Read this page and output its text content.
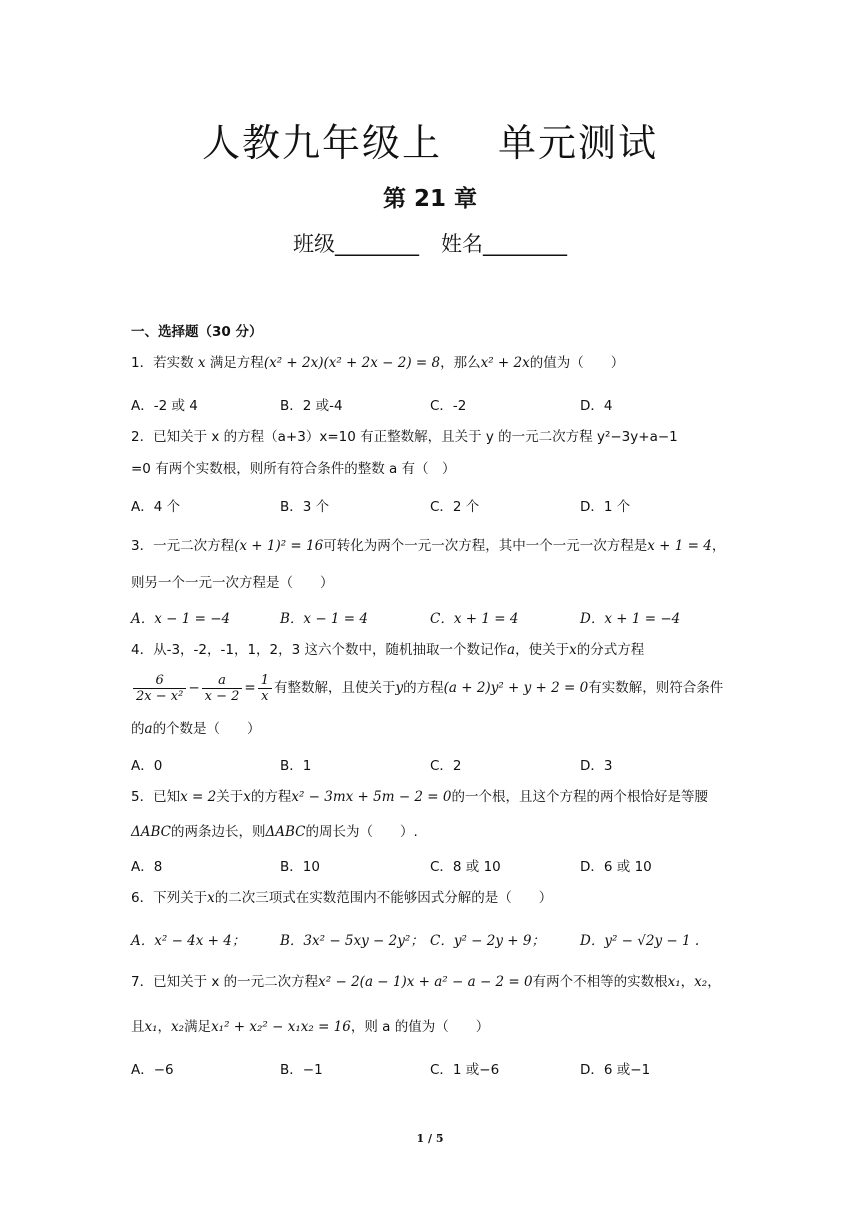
人教九年级上 单元测试
第 21 章
班级________ 姓名________
一、选择题（30 分）
1．若实数 x 满足方程(x² + 2x)(x² + 2x − 2) = 8，那么x² + 2x的值为（　　）
A．-2 或 4	B．2 或-4	C．-2	D．4
2．已知关于 x 的方程（a+3）x=10 有正整数解，且关于 y 的一元二次方程 y²−3y+a−1
=0 有两个实数根，则所有符合条件的整数 a 有（　）
A．4 个	B．3 个	C．2 个	D．1 个
3．一元二次方程(x + 1)² = 16可转化为两个一元一次方程，其中一个一元一次方程是x + 1 = 4，
则另一个一元一次方程是（　　）
A．x − 1 = −4	B．x − 1 = 4	C．x + 1 = 4	D．x + 1 = −4
4．从-3，-2，-1，1，2，3 这六个数中，随机抽取一个数记作a，使关于x的分式方程
$\frac{6}{\text{2x − x²}} - \frac{a}{x - 2} = \frac{1}{x}$ 有整数解，且使关于y的方程(a + 2)y² + y + 2 = 0有实数解，则符合条件
的a的个数是（　　）
A．0	B．1	C．2	D．3
5．已知x = 2关于x的方程x² − 3mx + 5m − 2 = 0的一个根，且这个方程的两个根恰好是等腰
ΔABC的两条边长，则ΔABC的周长为（　　）.
A．8	B．10	C．8 或 10	D．6 或 10
6．下列关于x的二次三项式在实数范围内不能够因式分解的是（　　）
A．x² − 4x + 4；	B．3x² − 5xy − 2y²； C．y² − 2y + 9；	D．y² − √2y − 1 .
7．已知关于 x 的一元二次方程x² − 2(a − 1)x + a² − a − 2 = 0有两个不相等的实数根x₁，x₂，
且x₁，x₂满足x₁² + x₂² − x₁x₂ = 16，则 a 的值为（　　）
A．−6	B．−1	C．1 或−6	D．6 或−1
1 / 5
